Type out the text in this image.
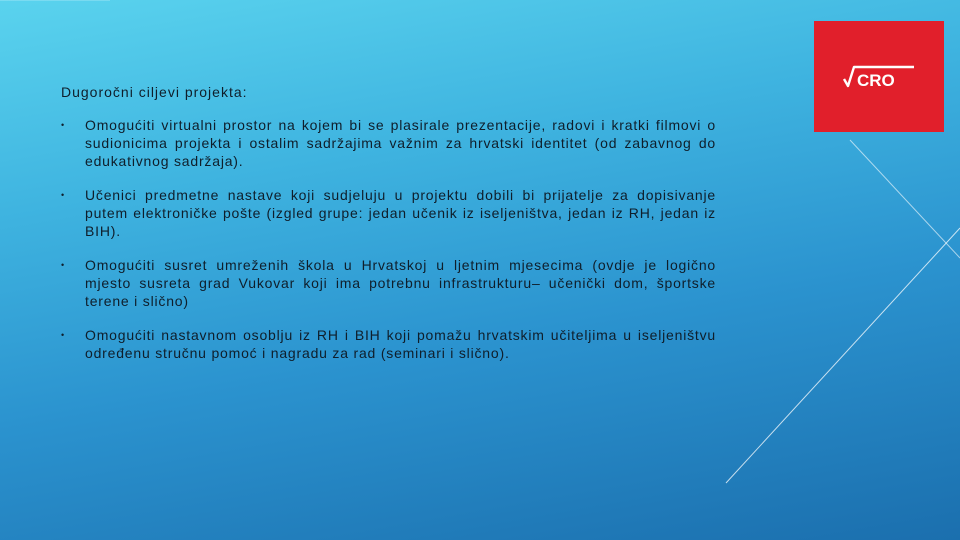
CRO

Dugoročni ciljevi projekta:

• Omogućiti virtualni prostor na kojem bi se plasirale prezentacije, radovi i kratki filmovi o sudionicima projekta i ostalim sadržajima važnim za hrvatski identitet (od zabavnog do edukativnog sadržaja).
• Učenici predmetne nastave koji sudjeluju u projektu dobili bi prijatelje za dopisivanje putem elektroničke pošte (izgled grupe: jedan učenik iz iseljeništva, jedan iz RH, jedan iz BIH).
• Omogućiti susret umreženih škola u Hrvatskoj u ljetnim mjesecima (ovdje je logično mjesto susreta grad Vukovar koji ima potrebnu infrastrukturu– učenički dom, športske terene i slično)
• Omogućiti nastavnom osoblju iz RH i BIH koji pomažu hrvatskim učiteljima u iseljeništvu određenu stručnu pomoć i nagradu za rad (seminari i slično).
